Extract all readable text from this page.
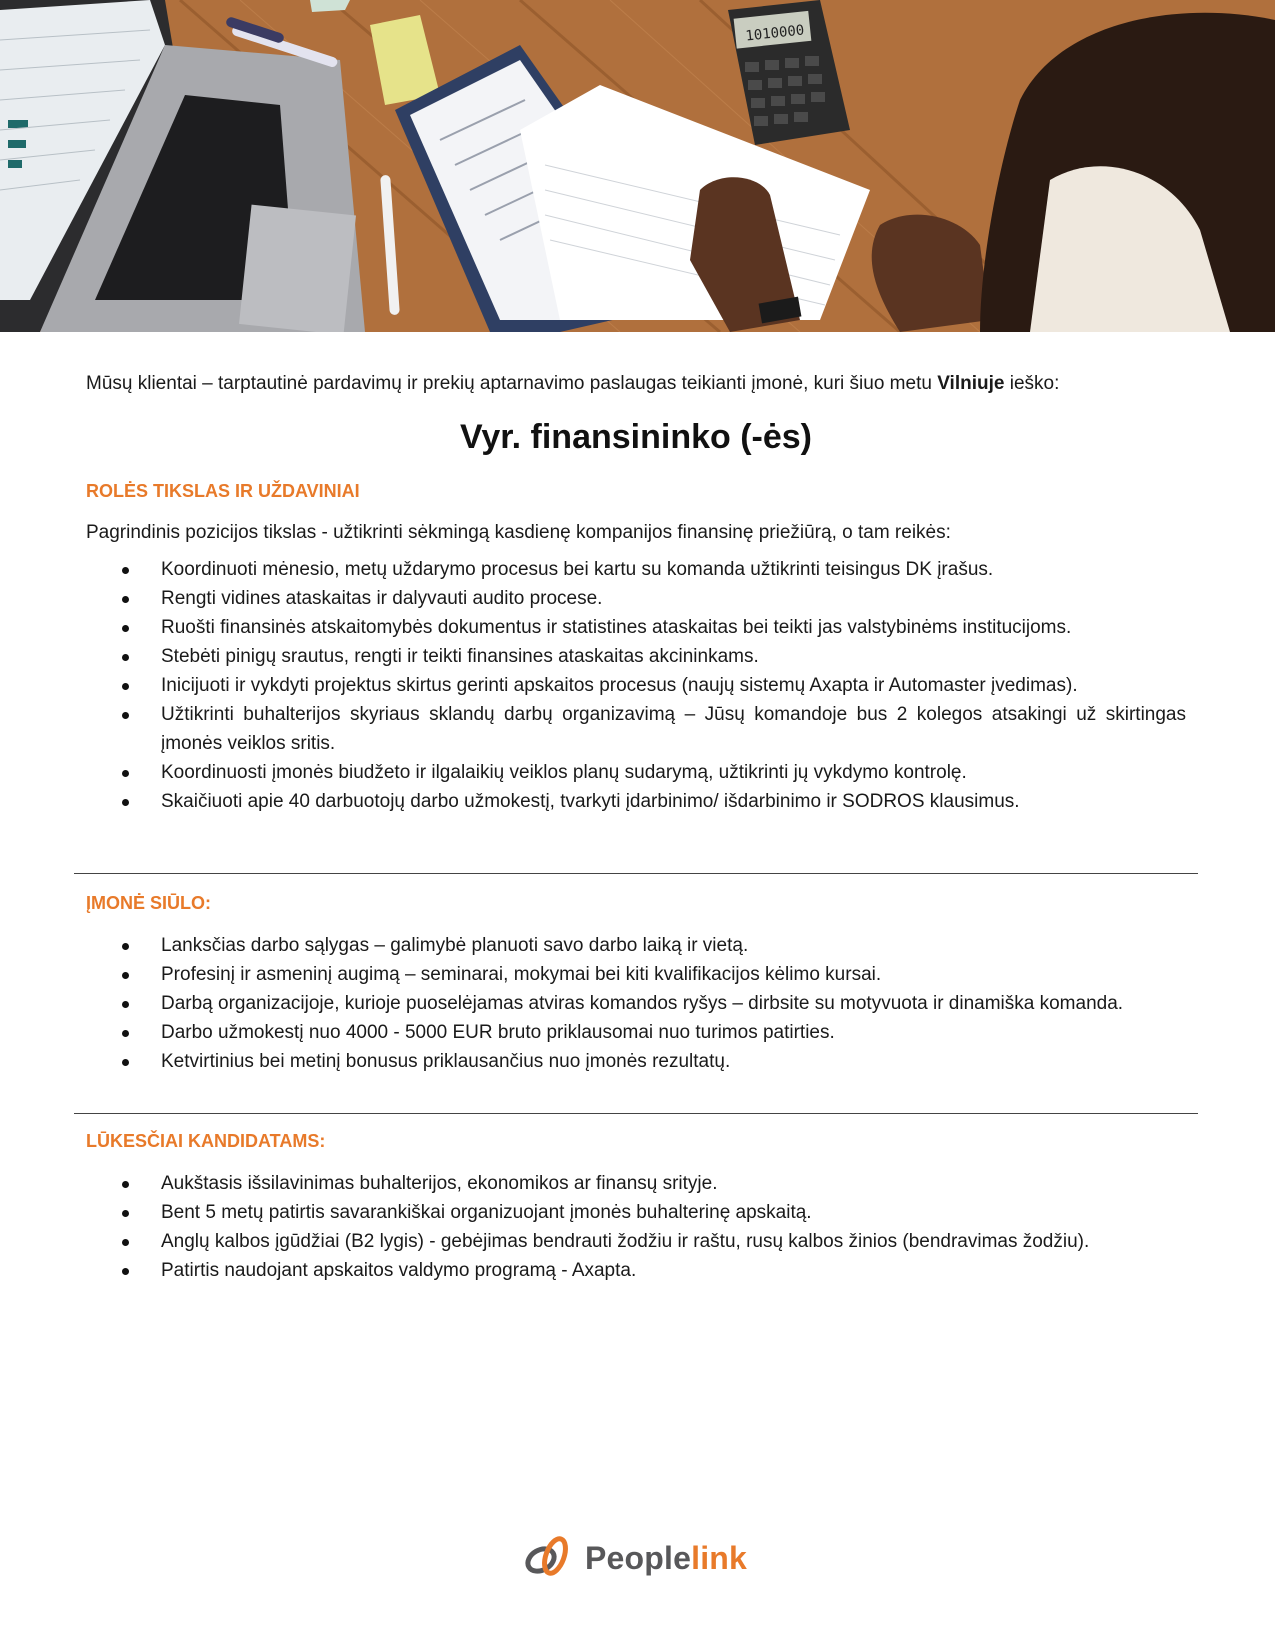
1010000

Mūsų klientai – tarptautinė pardavimų ir prekių aptarnavimo paslaugas teikianti įmonė, kuri šiuo metu Vilniuje ieško:

Vyr. finansininko (-ės)
ROLĖS TIKSLAS IR UŽDAVINIAI

Pagrindinis pozicijos tikslas - užtikrinti sėkmingą kasdienę kompanijos finansinę priežiūrą, o tam reikės:

Koordinuoti mėnesio, metų uždarymo procesus bei kartu su komanda užtikrinti teisingus DK įrašus.
Rengti vidines ataskaitas ir dalyvauti audito procese.
Ruošti finansinės atskaitomybės dokumentus ir statistines ataskaitas bei teikti jas valstybinėms institucijoms.
Stebėti pinigų srautus, rengti ir teikti finansines ataskaitas akcininkams.
Inicijuoti ir vykdyti projektus skirtus gerinti apskaitos procesus (naujų sistemų Axapta ir Automaster įvedimas).
Užtikrinti buhalterijos skyriaus sklandų darbų organizavimą – Jūsų komandoje bus 2 kolegos atsakingi už skirtingas įmonės veiklos sritis.
Koordinuosti įmonės biudžeto ir ilgalaikių veiklos planų sudarymą, užtikrinti jų vykdymo kontrolę.
Skaičiuoti apie 40 darbuotojų darbo užmokestį, tvarkyti įdarbinimo/ išdarbinimo ir SODROS klausimus.
ĮMONĖ SIŪLO:
Lanksčias darbo sąlygas – galimybė planuoti savo darbo laiką ir vietą.
Profesinį ir asmeninį augimą – seminarai, mokymai bei kiti kvalifikacijos kėlimo kursai.
Darbą organizacijoje, kurioje puoselėjamas atviras komandos ryšys – dirbsite su motyvuota ir dinamiška komanda.
Darbo užmokestį nuo 4000 - 5000 EUR bruto priklausomai nuo turimos patirties.
Ketvirtinius bei metinį bonusus priklausančius nuo įmonės rezultatų.
LŪKESČIAI KANDIDATAMS:
Aukštasis išsilavinimas buhalterijos, ekonomikos ar finansų srityje.
Bent 5 metų patirtis savarankiškai organizuojant įmonės buhalterinę apskaitą.
Anglų kalbos įgūdžiai (B2 lygis) - gebėjimas bendrauti žodžiu ir raštu, rusų kalbos žinios (bendravimas žodžiu).
Patirtis naudojant apskaitos valdymo programą - Axapta.
Peoplelink
